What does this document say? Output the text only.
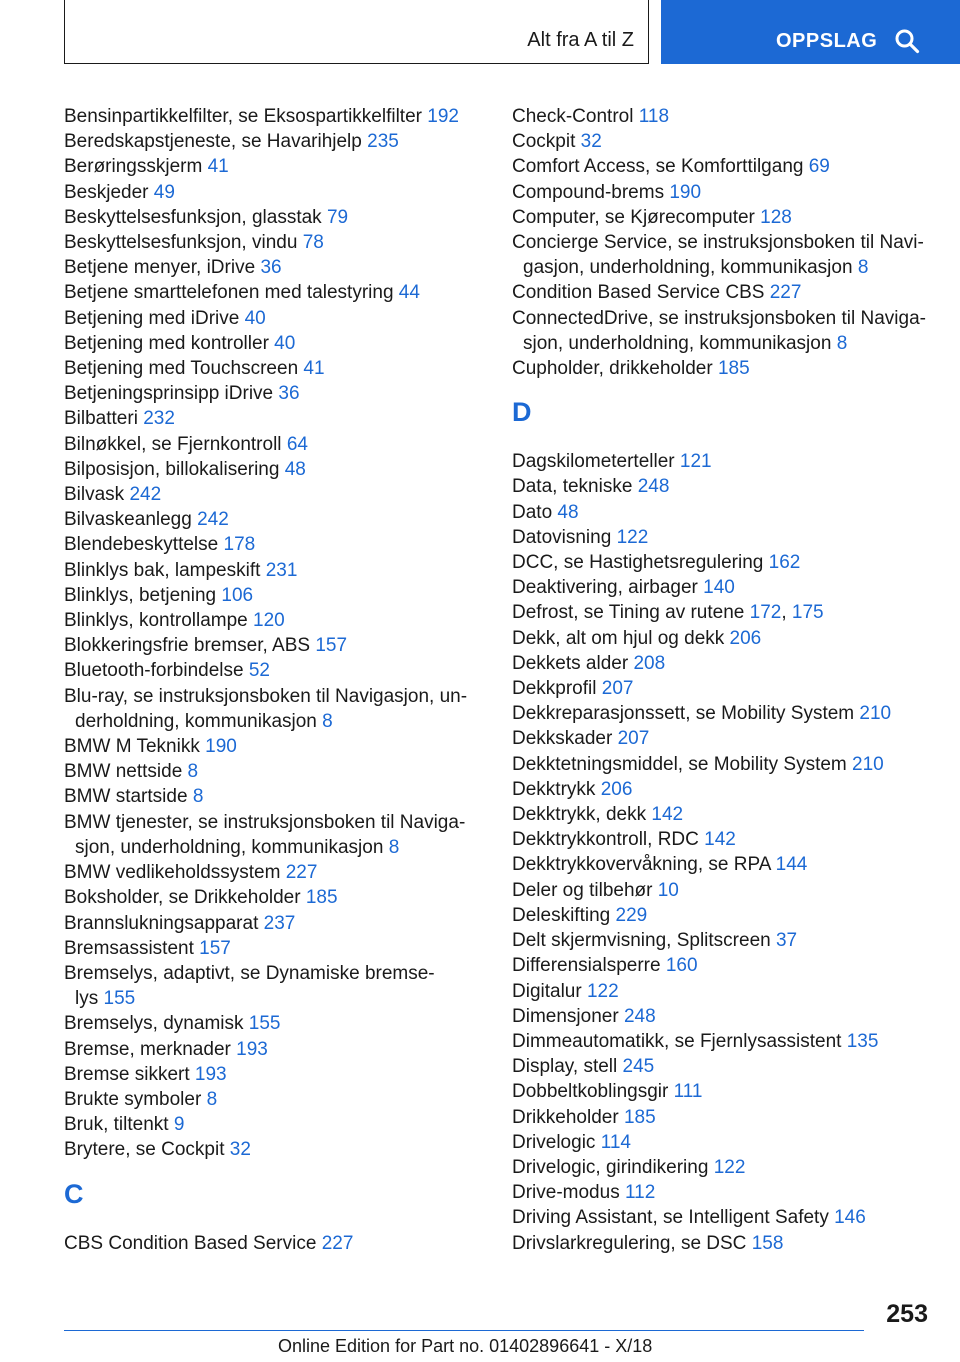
Alt fra A til Z	OPPSLAG
Bensinpartikkelfilter, se Eksospartikkelfilter 192
Beredskapstjeneste, se Havarihjelp 235
Berøringsskjerm 41
Beskjeder 49
Beskyttelsesfunksjon, glasstak 79
Beskyttelsesfunksjon, vindu 78
Betjene menyer, iDrive 36
Betjene smarttelefonen med talestyring 44
Betjening med iDrive 40
Betjening med kontroller 40
Betjening med Touchscreen 41
Betjeningsprinsipp iDrive 36
Bilbatteri 232
Bilnøkkel, se Fjernkontroll 64
Bilposisjon, billokalisering 48
Bilvask 242
Bilvaskeanlegg 242
Blendebeskyttelse 178
Blinklys bak, lampeskift 231
Blinklys, betjening 106
Blinklys, kontrollampe 120
Blokkeringsfrie bremser, ABS 157
Bluetooth-forbindelse 52
Blu-ray, se instruksjonsboken til Navigasjon, un-
derholdning, kommunikasjon 8
BMW M Teknikk 190
BMW nettside 8
BMW startside 8
BMW tjenester, se instruksjonsboken til Naviga-
sjon, underholdning, kommunikasjon 8
BMW vedlikeholdssystem 227
Boksholder, se Drikkeholder 185
Brannslukningsapparat 237
Bremsassistent 157
Bremselys, adaptivt, se Dynamiske bremse-
lys 155
Bremselys, dynamisk 155
Bremse, merknader 193
Bremse sikkert 193
Brukte symboler 8
Bruk, tiltenkt 9
Brytere, se Cockpit 32
C
CBS Condition Based Service 227
Check-Control 118
Cockpit 32
Comfort Access, se Komforttilgang 69
Compound-brems 190
Computer, se Kjørecomputer 128
Concierge Service, se instruksjonsboken til Navi-
gasjon, underholdning, kommunikasjon 8
Condition Based Service CBS 227
ConnectedDrive, se instruksjonsboken til Naviga-
sjon, underholdning, kommunikasjon 8
Cupholder, drikkeholder 185
D
Dagskilometerteller 121
Data, tekniske 248
Dato 48
Datovisning 122
DCC, se Hastighetsregulering 162
Deaktivering, airbager 140
Defrost, se Tining av rutene 172, 175
Dekk, alt om hjul og dekk 206
Dekkets alder 208
Dekkprofil 207
Dekkreparasjonssett, se Mobility System 210
Dekkskader 207
Dekktetningsmiddel, se Mobility System 210
Dekktrykk 206
Dekktrykk, dekk 142
Dekktrykkontroll, RDC 142
Dekktrykkovervåkning, se RPA 144
Deler og tilbehør 10
Deleskifting 229
Delt skjermvisning, Splitscreen 37
Differensialsperre 160
Digitalur 122
Dimensjoner 248
Dimmeautomatikk, se Fjernlysassistent 135
Display, stell 245
Dobbeltkoblingsgir 111
Drikkeholder 185
Drivelogic 114
Drivelogic, girindikering 122
Drive-modus 112
Driving Assistant, se Intelligent Safety 146
Drivslarkregulering, se DSC 158
253
Online Edition for Part no. 01402896641 - X/18
